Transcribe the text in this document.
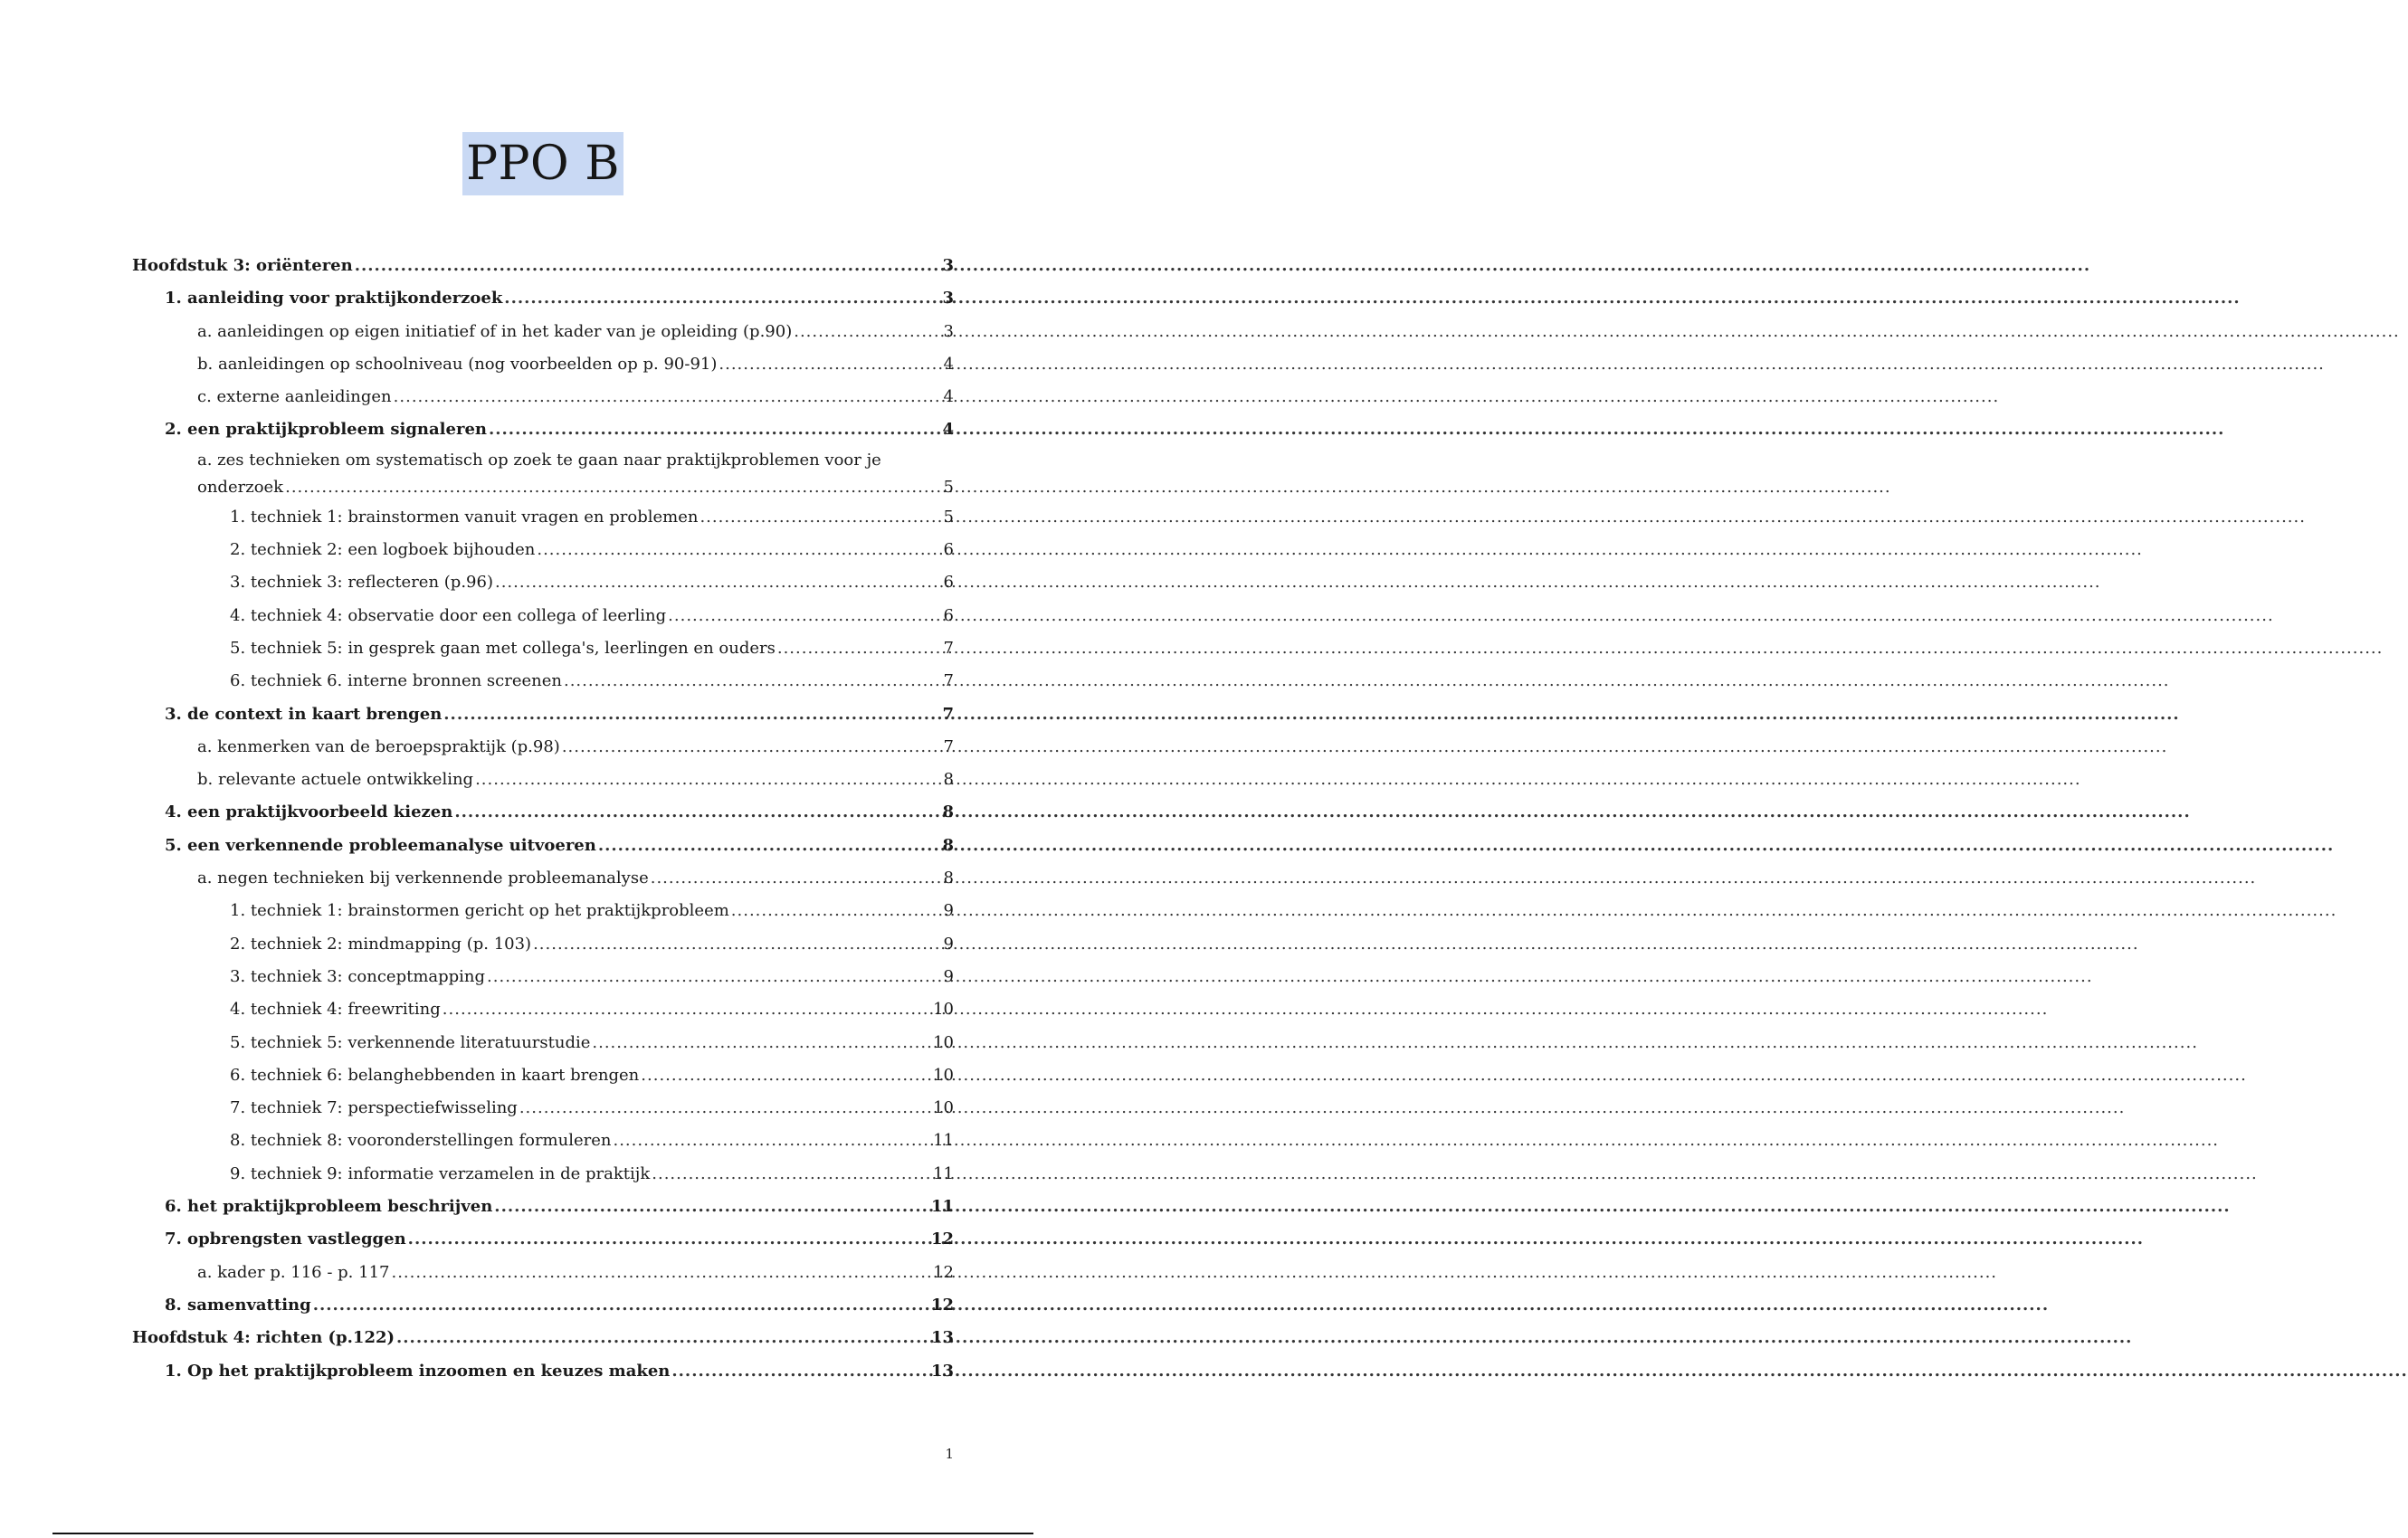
PPO B
Hoofdstuk 3: oriënteren .....	3
1. aanleiding voor praktijkonderzoek .....	3
a. aanleidingen op eigen initiatief of in het kader van je opleiding (p.90) .....	3
b. aanleidingen op schoolniveau (nog voorbeelden op p. 90-91) .....	4
c. externe aanleidingen .....	4
2. een praktijkprobleem signaleren .....	4
a. zes technieken om systematisch op zoek te gaan naar praktijkproblemen voor je
onderzoek .....	5
1. techniek 1: brainstormen vanuit vragen en problemen .....	5
2. techniek 2: een logboek bijhouden .....	6
3. techniek 3: reflecteren (p.96) .....	6
4. techniek 4: observatie door een collega of leerling .....	6
5. techniek 5: in gesprek gaan met collega's, leerlingen en ouders .....	7
6. techniek 6. interne bronnen screenen .....	7
3. de context in kaart brengen .....	7
a. kenmerken van de beroepspraktijk (p.98) .....	7
b. relevante actuele ontwikkeling .....	8
4. een praktijkvoorbeeld kiezen .....	8
5. een verkennende probleemanalyse uitvoeren .....	8
a. negen technieken bij verkennende probleemanalyse .....	8
1. techniek 1: brainstormen gericht op het praktijkprobleem .....	9
2. techniek 2: mindmapping (p. 103) .....	9
3. techniek 3: conceptmapping .....	9
4. techniek 4: freewriting .....	10
5. techniek 5: verkennende literatuurstudie .....	10
6. techniek 6: belanghebbenden in kaart brengen .....	10
7. techniek 7: perspectiefwisseling .....	10
8. techniek 8: vooronderstellingen formuleren .....	11
9. techniek 9: informatie verzamelen in de praktijk .....	11
6. het praktijkprobleem beschrijven .....	11
7. opbrengsten vastleggen .....	12
a. kader p. 116 - p. 117 .....	12
8. samenvatting .....	12
Hoofdstuk 4: richten (p.122) .....	13
1. Op het praktijkprobleem inzoomen en keuzes maken .....	13
1
